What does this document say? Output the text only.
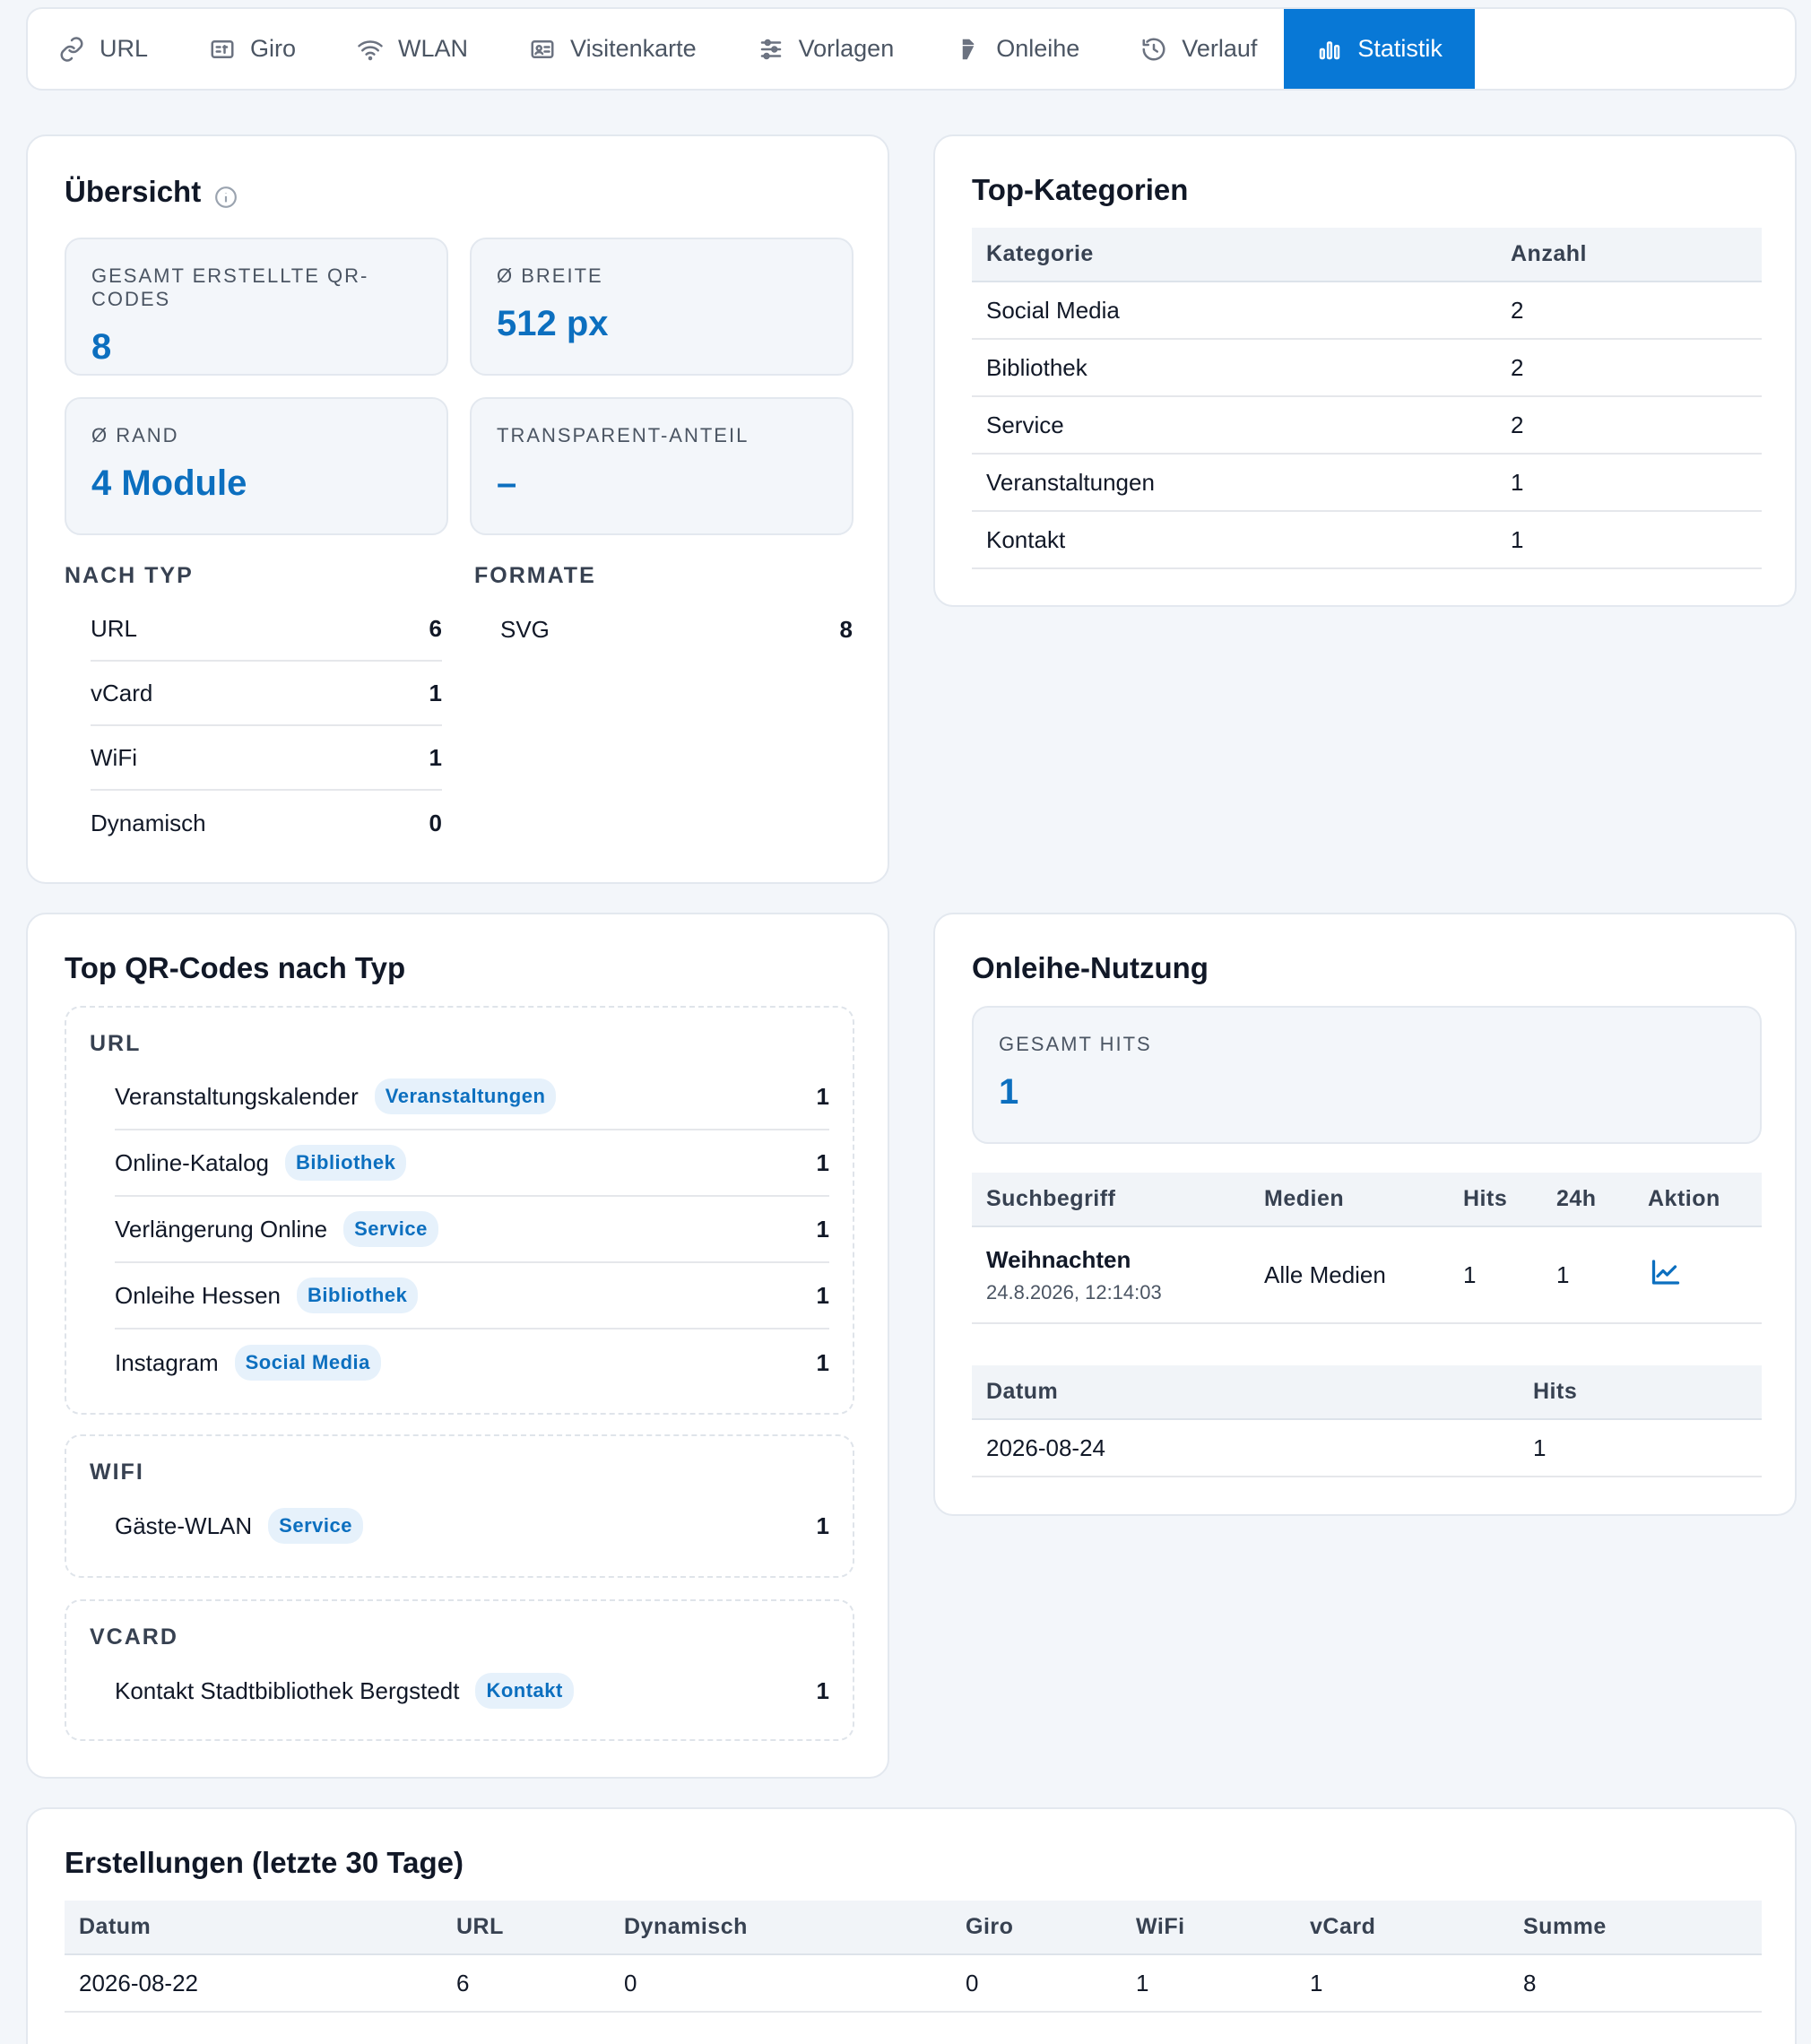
URL	Giro	WLAN	Visitenkarte	Vorlagen	Onleihe	Verlauf	Statistik
Übersicht
GESAMT ERSTELLTE QR-CODES
8
Ø BREITE
512 px
Ø RAND
4 Module
TRANSPARENT-ANTEIL
–
NACH TYP
URL	6
vCard	1
WiFi	1
Dynamisch	0
FORMATE
SVG	8
Top-Kategorien
Kategorie	Anzahl
Social Media	2
Bibliothek	2
Service	2
Veranstaltungen	1
Kontakt	1
Top QR-Codes nach Typ
URL
Veranstaltungskalender	Veranstaltungen	1
Online-Katalog	Bibliothek	1
Verlängerung Online	Service	1
Onleihe Hessen	Bibliothek	1
Instagram	Social Media	1
WIFI
Gäste-WLAN	Service	1
VCARD
Kontakt Stadtbibliothek Bergstedt	Kontakt	1
Onleihe-Nutzung
GESAMT HITS
1
Suchbegriff	Medien	Hits	24h	Aktion

Weihnachten
24.8.2026, 12:14:03	Alle Medien	1	1	
Datum	Hits
2026-08-24	1
Erstellungen (letzte 30 Tage)
Datum	URL	Dynamisch	Giro	WiFi	vCard	Summe
2026-08-22	6	0	0	1	1	8
